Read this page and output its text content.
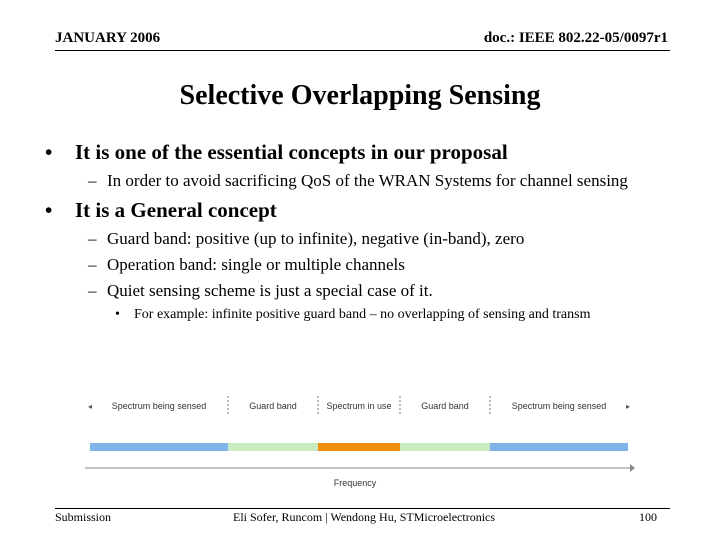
JANUARY 2006	doc.: IEEE 802.22-05/0097r1
Selective Overlapping Sensing
• It is one of the essential concepts in our proposal
– In order to avoid sacrificing QoS of the WRAN Systems for channel sensing
• It is a General concept
– Guard band: positive (up to infinite), negative (in-band), zero
– Operation band: single or multiple channels
– Quiet sensing scheme is just a special case of it.
• For example: infinite positive guard band – no overlapping of sensing and transm
Spectrum being sensed	Guard band	Spectrum in use	Guard band	Spectrum being sensed
◂	▸
Frequency
Submission	Eli Sofer, Runcom | Wendong Hu, STMicroelectronics	100
